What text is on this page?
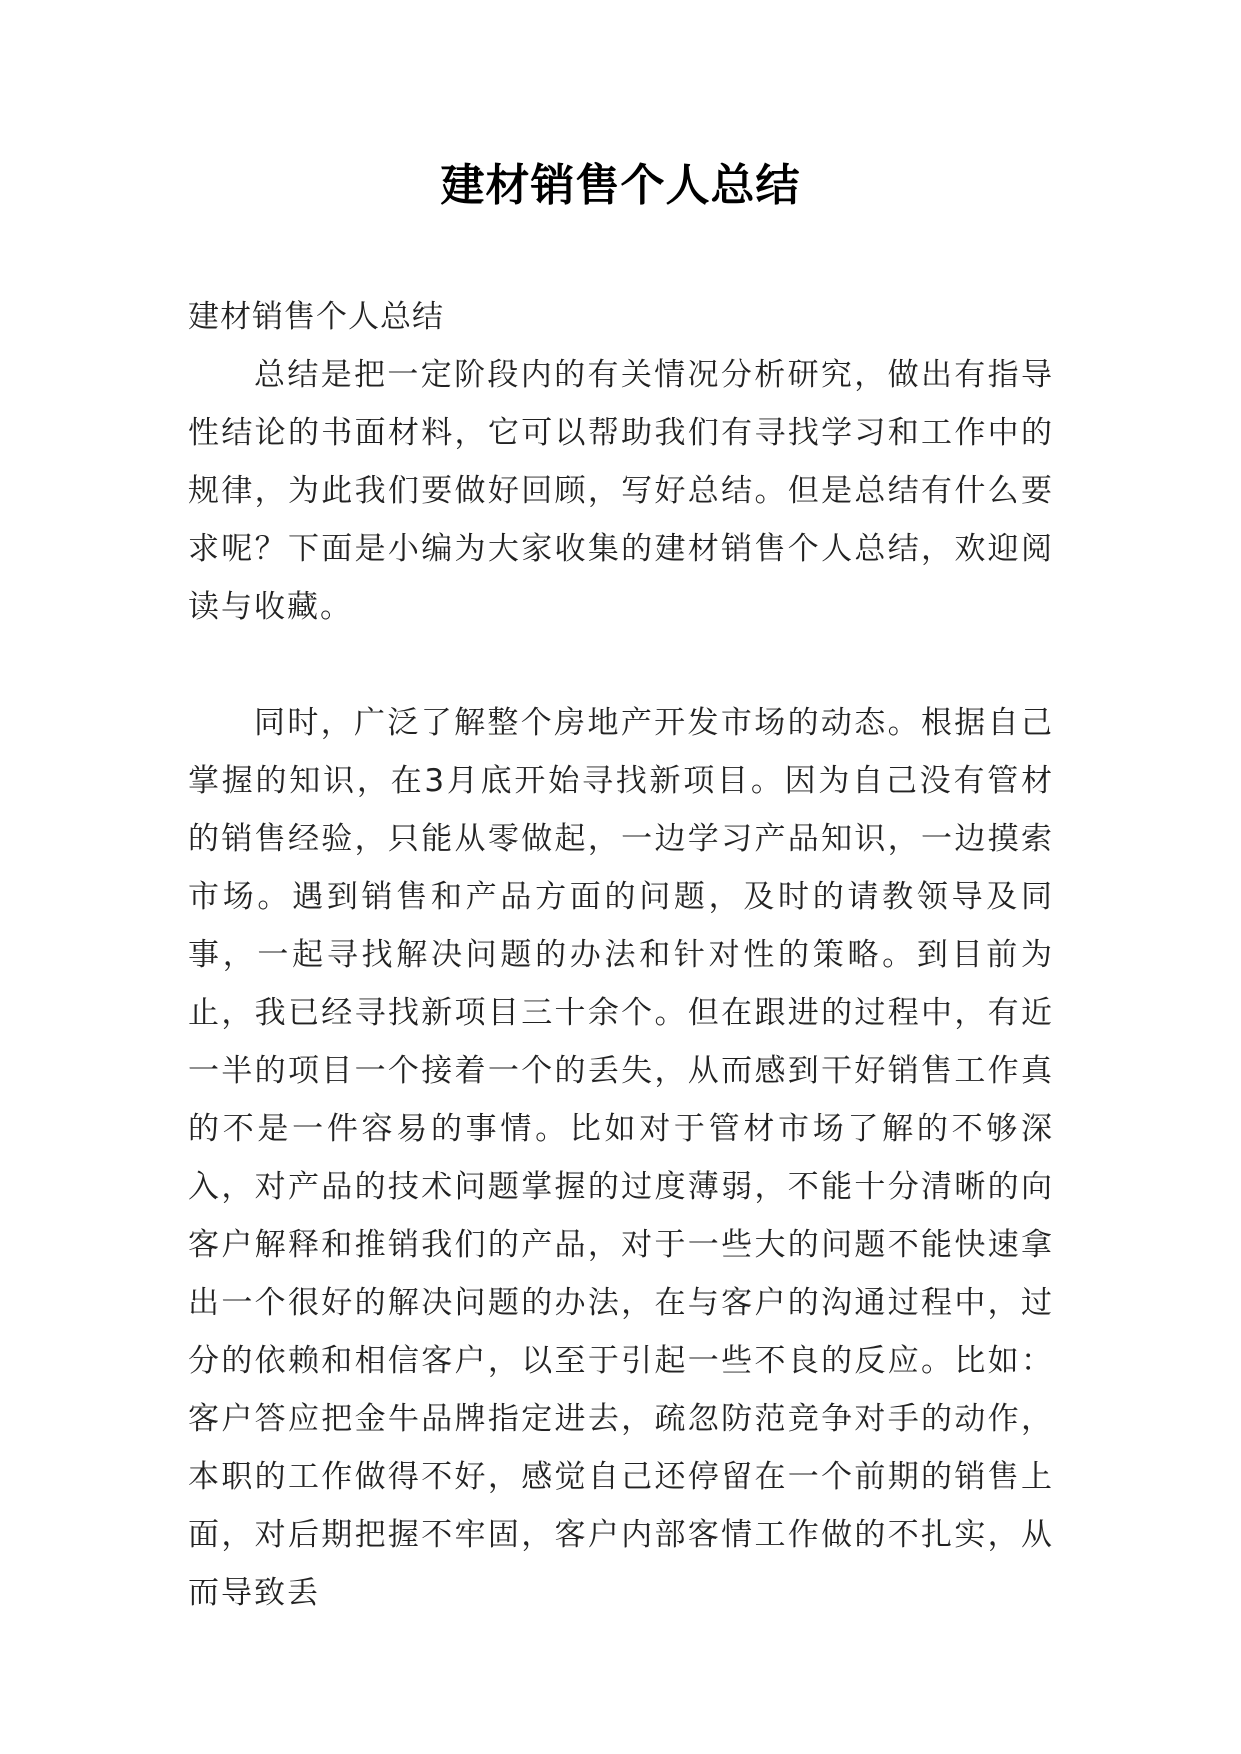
建材销售个人总结

建材销售个人总结

总结是把一定阶段内的有关情况分析研究，做出有指导性结论的书面材料，它可以帮助我们有寻找学习和工作中的规律，为此我们要做好回顾，写好总结。但是总结有什么要求呢？下面是小编为大家收集的建材销售个人总结，欢迎阅读与收藏。

同时，广泛了解整个房地产开发市场的动态。根据自己掌握的知识，在3月底开始寻找新项目。因为自己没有管材的销售经验，只能从零做起，一边学习产品知识，一边摸索市场。遇到销售和产品方面的问题，及时的请教领导及同事，一起寻找解决问题的办法和针对性的策略。到目前为止，我已经寻找新项目三十余个。但在跟进的过程中，有近一半的项目一个接着一个的丢失，从而感到干好销售工作真的不是一件容易的事情。比如对于管材市场了解的不够深入，对产品的技术问题掌握的过度薄弱，不能十分清晰的向客户解释和推销我们的产品，对于一些大的问题不能快速拿出一个很好的解决问题的办法，在与客户的沟通过程中，过分的依赖和相信客户，以至于引起一些不良的反应。比如：客户答应把金牛品牌指定进去，疏忽防范竞争对手的动作，本职的工作做得不好，感觉自己还停留在一个前期的销售上面，对后期把握不牢固，客户内部客情工作做的不扎实，从而导致丢
